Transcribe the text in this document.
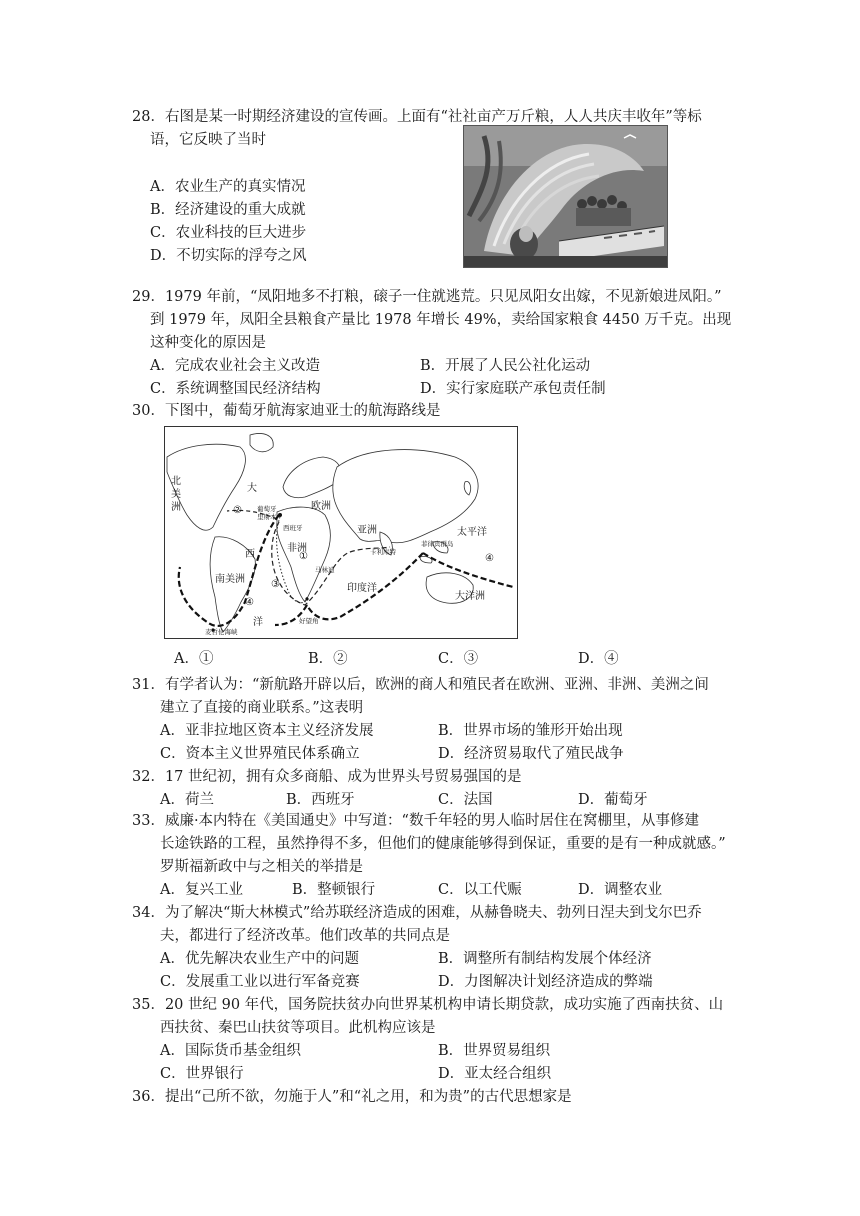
28．右图是某一时期经济建设的宣传画。上面有“社社亩产万斤粮，人人共庆丰收年”等标
语，它反映了当时
A．农业生产的真实情况
B．经济建设的重大成就
C．农业科技的巨大进步
D．不切实际的浮夸之风
29．1979 年前，“凤阳地多不打粮，磙子一住就逃荒。只见凤阳女出嫁，不见新娘进凤阳。”
到 1979 年，凤阳全县粮食产量比 1978 年增长 49%，卖给国家粮食 4450 万千克。出现
这种变化的原因是
A．完成农业社会主义改造	B．开展了人民公社化运动
C．系统调整国民经济结构	D．实行家庭联产承包责任制
30．下图中，葡萄牙航海家迪亚士的航海路线是
北美洲
大
西
洋
欧洲
亚洲
非洲
南美洲
太平洋
印度洋
大洋洲
葡萄牙
里斯本
西班牙
马林迪
卡利库特
菲律宾群岛
好望角
麦哲伦海峡
①
②
③
④
④
A．①	B．②	C．③	D．④
31．有学者认为：“新航路开辟以后，欧洲的商人和殖民者在欧洲、亚洲、非洲、美洲之间
建立了直接的商业联系。”这表明
A．亚非拉地区资本主义经济发展	B．世界市场的雏形开始出现
C．资本主义世界殖民体系确立	D．经济贸易取代了殖民战争
32．17 世纪初，拥有众多商船、成为世界头号贸易强国的是
A．荷兰	B．西班牙	C．法国	D．葡萄牙
33．威廉·本内特在《美国通史》中写道：“数千年轻的男人临时居住在窝棚里，从事修建
长途铁路的工程，虽然挣得不多，但他们的健康能够得到保证，重要的是有一种成就感。”
罗斯福新政中与之相关的举措是
A．复兴工业	B．整顿银行	C．以工代赈	D．调整农业
34．为了解决“斯大林模式”给苏联经济造成的困难，从赫鲁晓夫、勃列日涅夫到戈尔巴乔
夫，都进行了经济改革。他们改革的共同点是
A．优先解决农业生产中的问题	B．调整所有制结构发展个体经济
C．发展重工业以进行军备竞赛	D．力图解决计划经济造成的弊端
35．20 世纪 90 年代，国务院扶贫办向世界某机构申请长期贷款，成功实施了西南扶贫、山
西扶贫、秦巴山扶贫等项目。此机构应该是
A．国际货币基金组织	B．世界贸易组织
C．世界银行	D．亚太经合组织
36．提出“己所不欲，勿施于人”和“礼之用，和为贵”的古代思想家是
